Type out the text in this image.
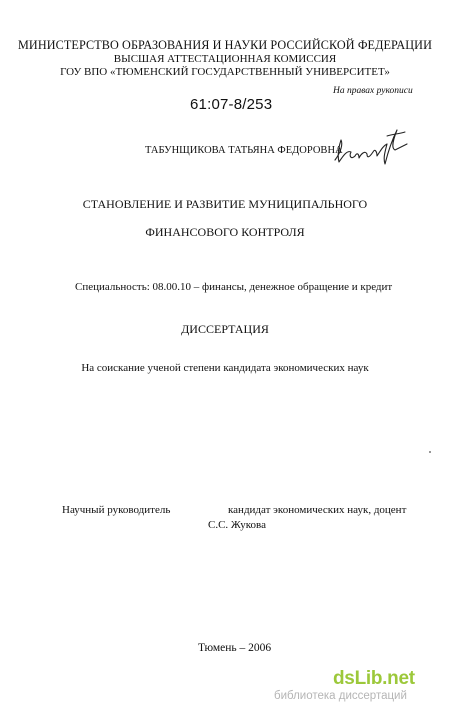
МИНИСТЕРСТВО ОБРАЗОВАНИЯ И НАУКИ РОССИЙСКОЙ ФЕДЕРАЦИИ
ВЫСШАЯ АТТЕСТАЦИОННАЯ КОМИССИЯ
ГОУ ВПО «ТЮМЕНСКИЙ ГОСУДАРСТВЕННЫЙ УНИВЕРСИТЕТ»
На правах рукописи
61:07-8/253
ТАБУНЩИКОВА ТАТЬЯНА ФЕДОРОВНА
СТАНОВЛЕНИЕ И РАЗВИТИЕ МУНИЦИПАЛЬНОГО
ФИНАНСОВОГО КОНТРОЛЯ
Специальность: 08.00.10 – финансы, денежное обращение и кредит
ДИССЕРТАЦИЯ
На соискание ученой степени кандидата экономических наук
Научный руководитель	кандидат экономических наук, доцент
С.С. Жукова
Тюмень – 2006
dsLib.net
библиотека диссертаций
